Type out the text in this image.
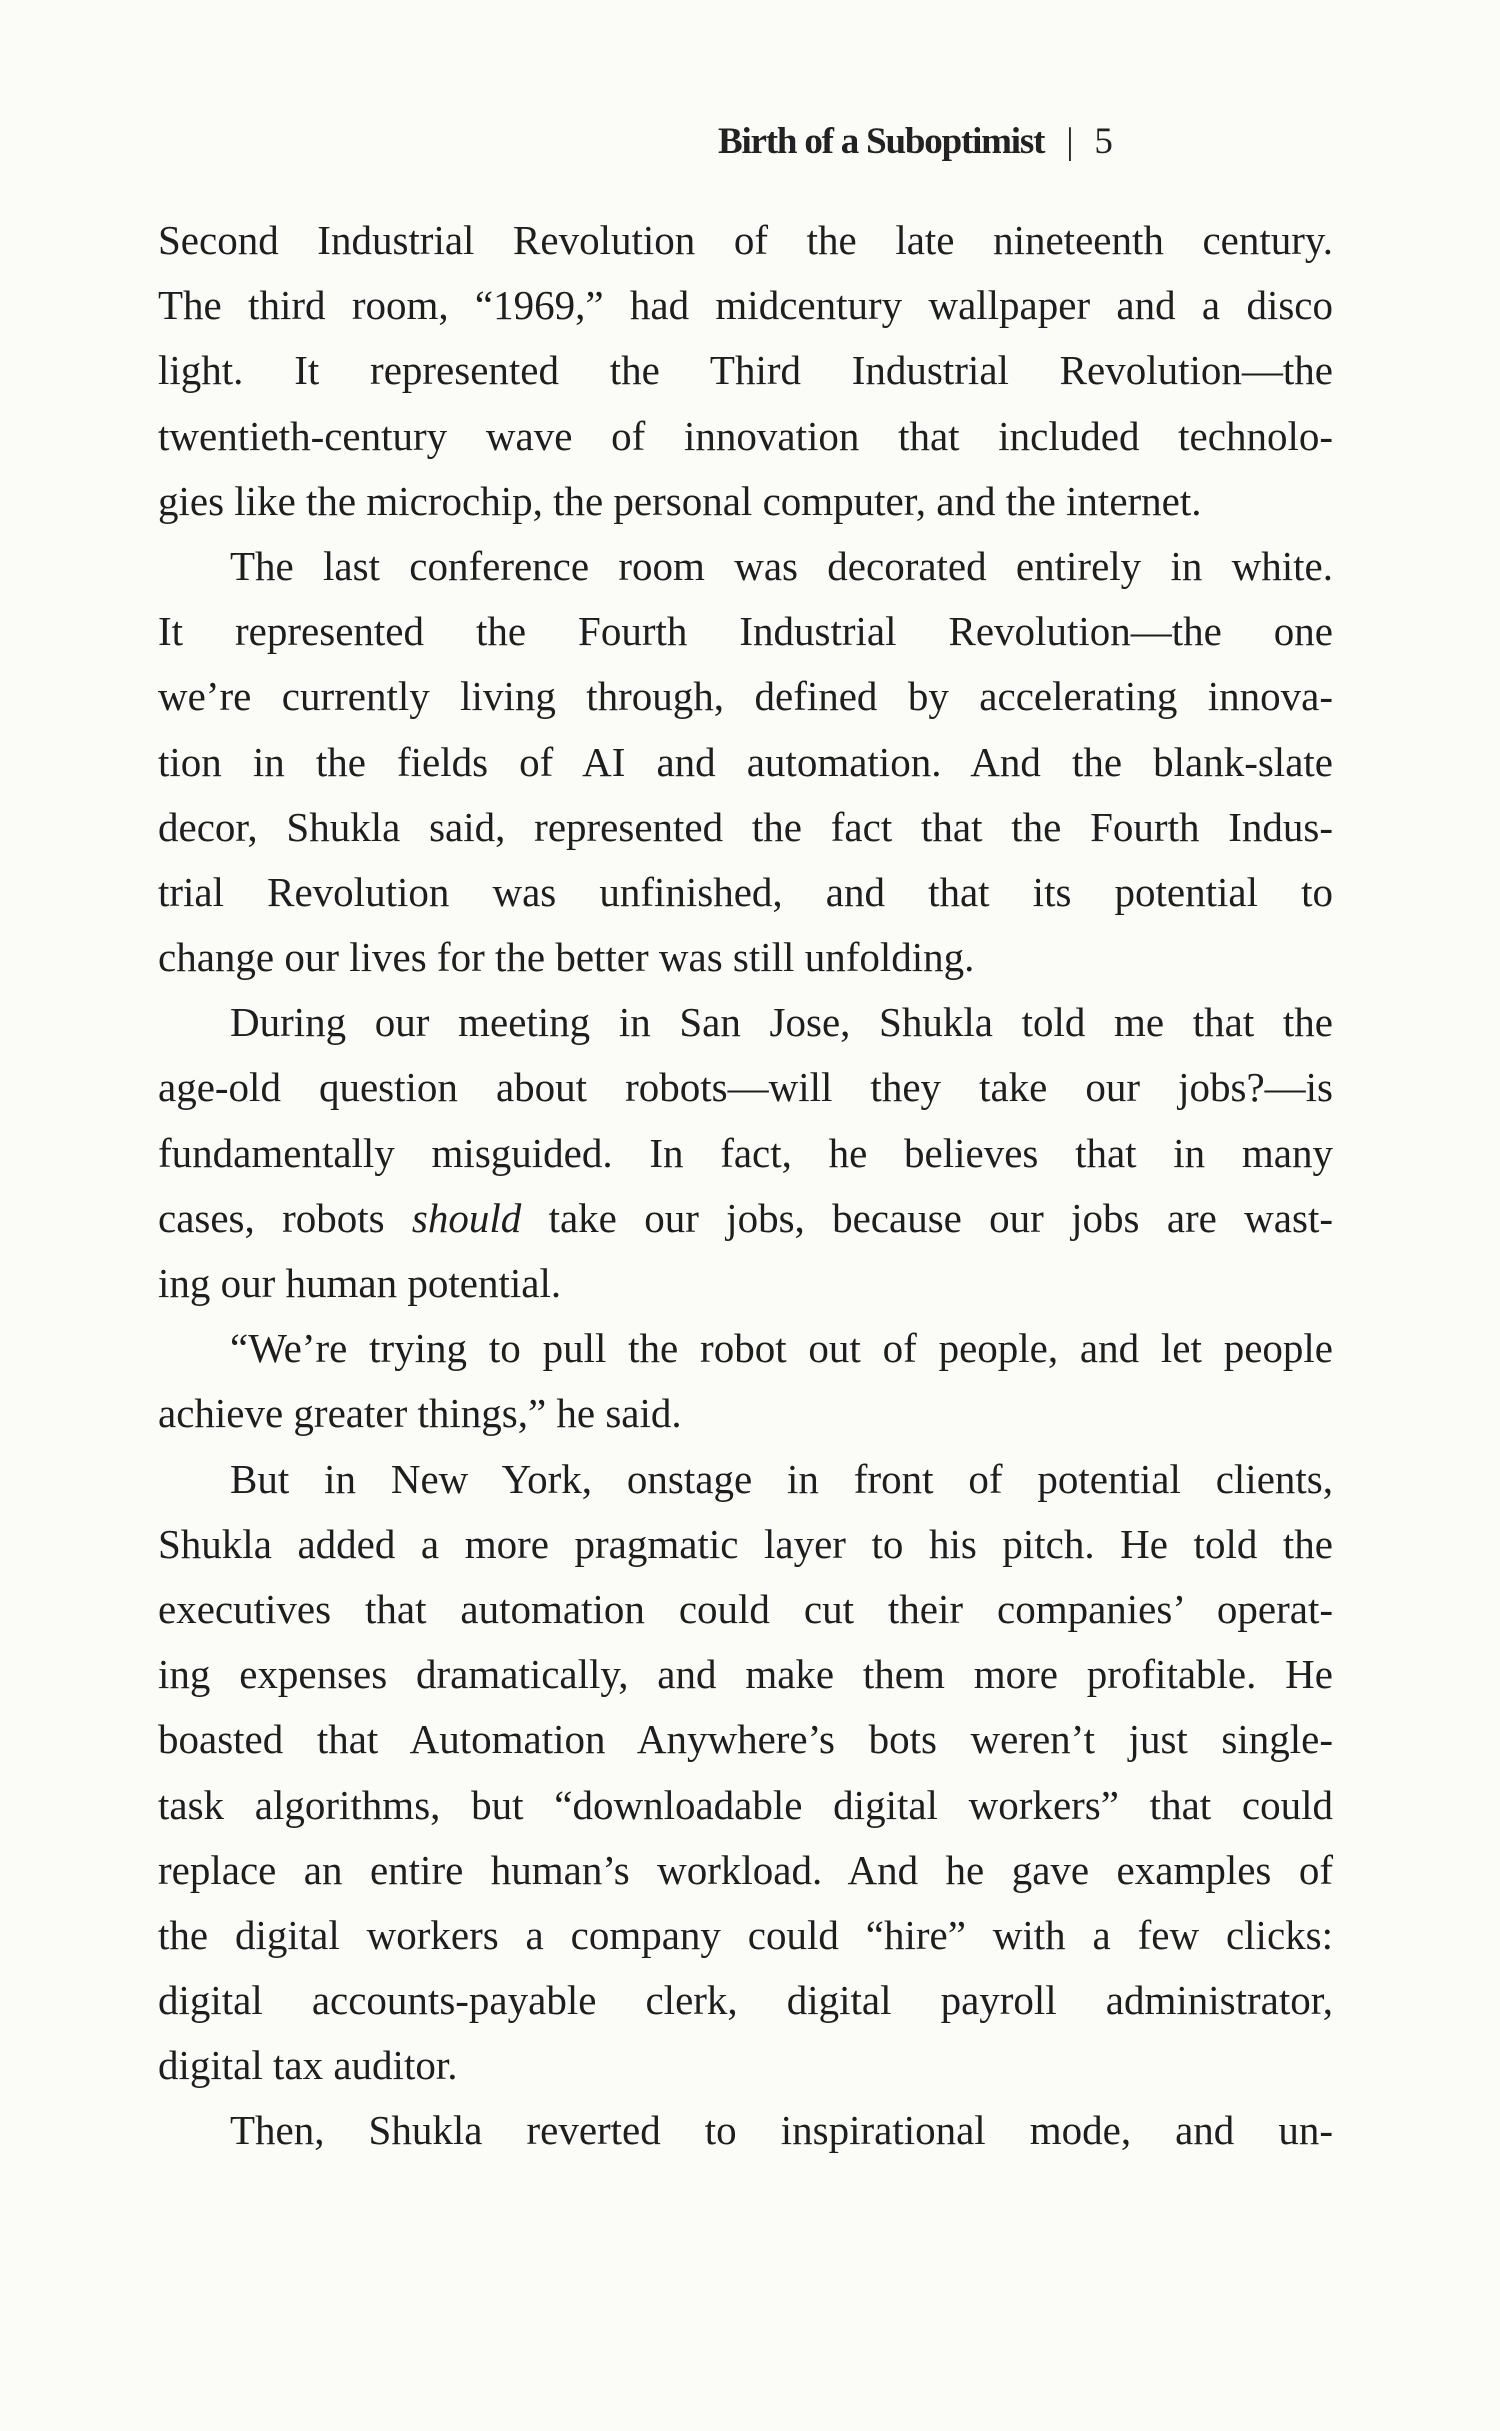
Birth of a Suboptimist | 5
Second Industrial Revolution of the late nineteenth century.
The third room, “1969,” had midcentury wallpaper and a disco
light. It represented the Third Industrial Revolution—the
twentieth-century wave of innovation that included technolo-
gies like the microchip, the personal computer, and the internet.
The last conference room was decorated entirely in white.
It represented the Fourth Industrial Revolution—the one
we’re currently living through, defined by accelerating innova-
tion in the fields of AI and automation. And the blank-slate
decor, Shukla said, represented the fact that the Fourth Indus-
trial Revolution was unfinished, and that its potential to
change our lives for the better was still unfolding.
During our meeting in San Jose, Shukla told me that the
age-old question about robots—will they take our jobs?—is
fundamentally misguided. In fact, he believes that in many
cases, robots should take our jobs, because our jobs are wast-
ing our human potential.
“We’re trying to pull the robot out of people, and let people
achieve greater things,” he said.
But in New York, onstage in front of potential clients,
Shukla added a more pragmatic layer to his pitch. He told the
executives that automation could cut their companies’ operat-
ing expenses dramatically, and make them more profitable. He
boasted that Automation Anywhere’s bots weren’t just single-
task algorithms, but “downloadable digital workers” that could
replace an entire human’s workload. And he gave examples of
the digital workers a company could “hire” with a few clicks:
digital accounts-payable clerk, digital payroll administrator,
digital tax auditor.
Then, Shukla reverted to inspirational mode, and un-
